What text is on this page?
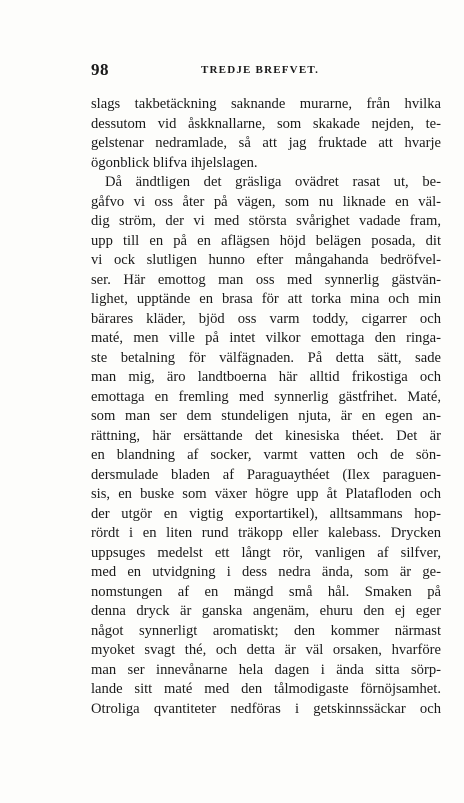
98	TREDJE BREFVET.
slags takbetäckning saknande murarne, från hvilka
dessutom vid åskknallarne, som skakade nejden, te-
gelstenar nedramlade, så att jag fruktade att hvarje
ögonblick blifva ihjelslagen.
Då ändtligen det gräsliga ovädret rasat ut, be-
gåfvo vi oss åter på vägen, som nu liknade en väl-
dig ström, der vi med största svårighet vadade fram,
upp till en på en aflägsen höjd belägen posada, dit
vi ock slutligen hunno efter mångahanda bedröfvel-
ser. Här emottog man oss med synnerlig gästvän-
lighet, upptände en brasa för att torka mina och min
bärares kläder, bjöd oss varm toddy, cigarrer och
maté, men ville på intet vilkor emottaga den ringa-
ste betalning för välfägnaden. På detta sätt, sade
man mig, äro landtboerna här alltid frikostiga och
emottaga en fremling med synnerlig gästfrihet. Maté,
som man ser dem stundeligen njuta, är en egen an-
rättning, här ersättande det kinesiska théet. Det är
en blandning af socker, varmt vatten och de sön-
dersmulade bladen af Paraguaythéet (Ilex paraguen-
sis, en buske som växer högre upp åt Platafloden och
der utgör en vigtig exportartikel), alltsammans hop-
rördt i en liten rund träkopp eller kalebass. Drycken
uppsuges medelst ett långt rör, vanligen af silfver,
med en utvidgning i dess nedra ända, som är ge-
nomstungen af en mängd små hål. Smaken på
denna dryck är ganska angenäm, ehuru den ej eger
något synnerligt aromatiskt; den kommer närmast
myoket svagt thé, och detta är väl orsaken, hvarföre
man ser innevånarne hela dagen i ända sitta sörp-
lande sitt maté med den tålmodigaste förnöjsamhet.
Otroliga qvantiteter nedföras i getskinnssäckar och
